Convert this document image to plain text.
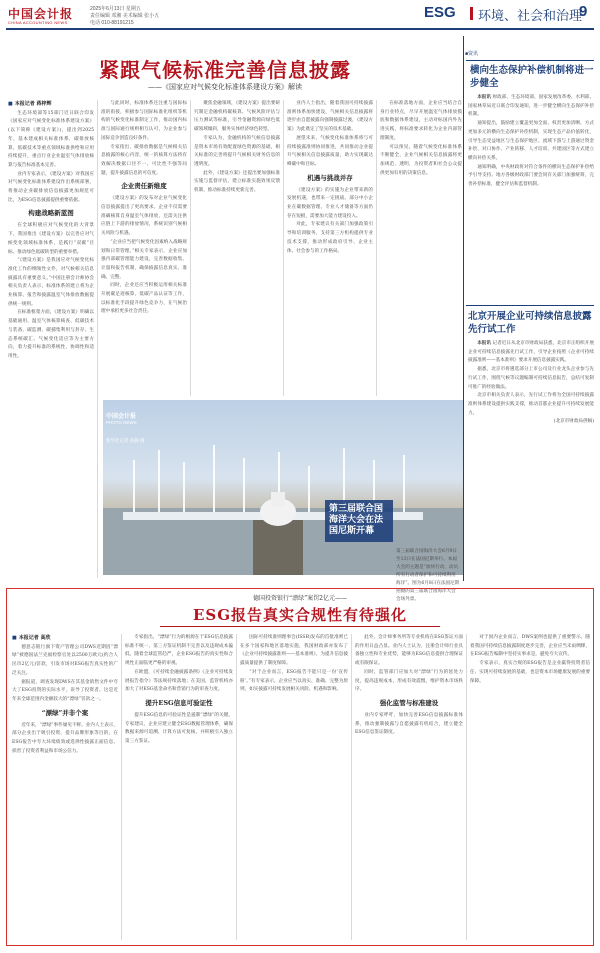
中国会计报
CHINA ACCOUNTING NEWS
2025年6月13日 星期五
责任编辑 邓湘 美术编辑 张小五
电话 010-88191215
ESG 环境、社会和治理
9
紧跟气候标准完善信息披露
——《国家应对气候变化标准体系建设方案》解读
■ 本报记者 蒋梓辉

生态环境部等15部门近日联合印发《国家应对气候变化标准体系建设方案》(以下简称《建设方案》)，提出到2025年，基本建成相关标准体系，碳排放核算、低碳技术等重点领域标准供给和应用持续提升，重点行业企业温室气体排放核算与报告标准基本完善。

业内专家表示，《建设方案》对我国应对气候变化标准体系建设作出系统部署，将推动企业碳排放信息披露更加规范可比，为ESG信息披露提供重要依据。

构建战略新蓝图

在全球积极应对气候变化的大背景下，我国推出《建设方案》以完善应对气候变化领域标准体系，是践行“双碳”目标、推动绿色低碳转型的重要举措。

“《建设方案》是我国应对气候变化标准化工作的纲领性文件，对气候相关信息披露具有重要意义。”中国注册会计师协会相关负责人表示，标准体系的建立将为企业核算、报告和披露温室气体排放数据提供统一规则。

在标准框架方面，《建设方案》明确以基础通用、温室气体核算核查、低碳技术与装备、碳监测、碳捕集利用与封存、生态系统碳汇、气候变化适应等为主要方向，着力提升标准的系统性、协调性和适用性。

与此同时，标准体系还注重与国际标准的衔接，积极参与国际标准化组织等机构的气候变化标准制定工作，推动国内标准与国际通行规则相互认可，为企业参与国际竞争创造良好条件。

专家指出，碳排放数据是气候相关信息披露的核心内容，统一的核算方法将有效解决数据口径不一、可比性不强等问题，提升披露信息的可信度。

企业责任新维度

《建设方案》的发布对企业气候变化信息披露提出了更高要求。企业不仅需要准确核算自身温室气体排放，还需关注供应链上下游的排放情况，系统识别气候相关风险与机遇。

“企业应当把气候变化因素纳入战略规划和日常管理。”相关专家表示，企业应加强内部碳管理能力建设，完善数据收集、计量和报告机制，确保披露信息真实、准确、完整。

同时，企业还应当积极运用相关标准开展碳足迹核算、低碳产品认证等工作，以标准化手段提升绿色竞争力，在气候治理中承担更多社会责任。

聚焦金融领域，《建设方案》提出要研究制定金融机构碳核算、气候风险评估与压力测试等标准，引导金融资源向绿色低碳领域倾斜，服务实体经济绿色转型。

专家认为，金融机构的气候信息披露是资本市场有效配置绿色资源的基础，相关标准的完善将提升气候相关财务信息的透明度。

此外，《建设方案》还提出要加强标准实施与监督评估，建立标准实施效果反馈机制，推动标准持续更新完善。

业内人士指出，随着我国可持续披露准则体系加快建设，气候相关信息披露将逐步由自愿披露向强制披露过渡，《建设方案》为此奠定了坚实的技术基础。

展望未来，气候变化标准体系将与可持续披露准则协同推进，共同推动企业提升气候相关信息披露质量，助力实现碳达峰碳中和目标。

机遇与挑战并存

《建设方案》的实施为企业带来新的发展机遇，也带来一定挑战。部分中小企业在碳数据管理、专业人才储备等方面仍存在短板，需要加大能力建设投入。

对此，专家建议有关部门加强政策引导和培训服务，支持第三方机构提供专业技术支撑，推动形成政府引导、企业主体、社会参与的工作格局。

在标准落地方面，企业应当结合自身行业特点，尽早开展温室气体排放摸底和数据体系建设，主动对标国内外先进实践，将标准要求转化为企业内部管理制度。

可以预见，随着气候变化标准体系不断健全，企业气候相关信息披露将更加规范、透明，为投资者和社会公众提供更加有用的决策信息。

中国会计报
PHOTO NEWS
新华社记者 高静 摄
第三届联合国海洋大会在法国尼斯开幕
第三届联合国海洋大会6月9日至13日在法国尼斯举行。本届大会的主题是“加快行动，动员所有行动者保护和可持续利用海洋”。图为6月8日在法国尼斯拍摄的第三届联合国海洋大会会场外景。
■资讯
横向生态保护补偿机制将进一步健全

本报讯 财政部、生态环境部、国家发展改革委、水利部、国家林草局近日联合印发通知，进一步健全横向生态保护补偿机制。

通知提出，鼓励建立覆盖更加全面、权责更加清晰、方式更加多元的横向生态保护补偿机制，实现生态产品价值转化，引导生态受益地区与生态保护地区、流域下游与上游通过资金补偿、对口协作、产业转移、人才培训、共建园区等方式建立横向补偿关系。

通知明确，中央财政将对符合条件的横向生态保护补偿给予引导支持。地方各级财政部门要会同有关部门加强统筹，完善补偿标准，健全评估和监督机制。

北京开展企业可持续信息披露先行试工作

本报讯 记者近日从北京市财政局获悉，北京市正组织开展企业可持续信息披露先行试工作，引导企业按照《企业可持续披露准则——基本准则》要求开展信息披露实践。

据悉，北京市将遴选部分上市公司及行业龙头企业参与先行试工作，围绕气候等议题编制可持续信息报告，总结可复制可推广的经验做法。

北京市相关负责人表示，先行试工作将为全国可持续披露准则体系建设提供实践支撑，推动首都企业提升可持续发展能力。

(北京市财政局供稿)

德国投资银行“漂绿”案罚2亿元——
ESG报告真实合规性有待强化
■ 本报记者 高欣

德意志银行旗下资产管理公司DWS近期因“漂绿”被德国法兰克福检察官处以2500万欧元(约合人民币2亿元)罚款，引发市场对ESG报告真实性的广泛关注。

据报道，调查发现DWS在其基金销售文件中夸大了ESG投资的实际水平，误导了投资者。这是近年来全球范围内金额较大的“漂绿”罚款之一。

“漂绿”并非个案

近年来，“漂绿”事件屡见不鲜。业内人士表示，部分企业出于吸引投资、提升品牌形象等目的，在ESG报告中夸大环境绩效或选择性披露正面信息，损害了投资者利益和市场公信力。

专家指出，“漂绿”行为的根源在于ESG信息披露标准不统一、第三方鉴证机制不完善以及违规成本偏低。随着全球监管趋严，企业ESG报告的真实性和合规性正面临更严格的审视。

在欧盟，《可持续金融披露条例》《企业可持续发展报告指令》等法规持续落地；在美国，监管机构亦加大了对ESG基金命名和营销行为的审查力度。

提升ESG信息可验证性

提升ESG信息的可验证性是遏制“漂绿”的关键。专家建议，企业应建立健全ESG数据管理体系，确保数据来源可追溯、计算方法可复核，并积极引入独立第三方鉴证。

国际可持续准则理事会(ISSB)发布的首批准则已在多个国家和地区落地实施，我国财政部亦发布了《企业可持续披露准则——基本准则》，为提升信息披露质量提供了制度保障。

“对于企业而言，ESG报告不能只是一份‘宣传册’。”有专家表示，企业应当以真实、准确、完整为原则，如实披露可持续发展相关风险、机遇和影响。

此外，会计师事务所等专业机构在ESG鉴证方面的作用日益凸显。业内人士认为，注册会计师行业具备独立性和专业优势，能够为ESG信息提供合理保证或有限保证。

同时，监管部门应加大对“漂绿”行为的惩处力度，提高违规成本，形成有效震慑，维护资本市场秩序。

强化监管与标准建设

业内专家呼吁，加快完善ESG信息披露标准体系，推动强制披露与自愿披露有机结合，建立健全ESG信息鉴证制度。

对于国内企业而言，DWS案例也提供了重要警示。随着我国可持续信息披露制度逐步完善，企业应当未雨绸缪，在ESG报告编制中坚持实事求是，避免夸大宣传。

专家表示，真实合规的ESG报告是企业赢得投资者信任、实现可持续发展的基础，也是资本市场健康发展的重要保障。
